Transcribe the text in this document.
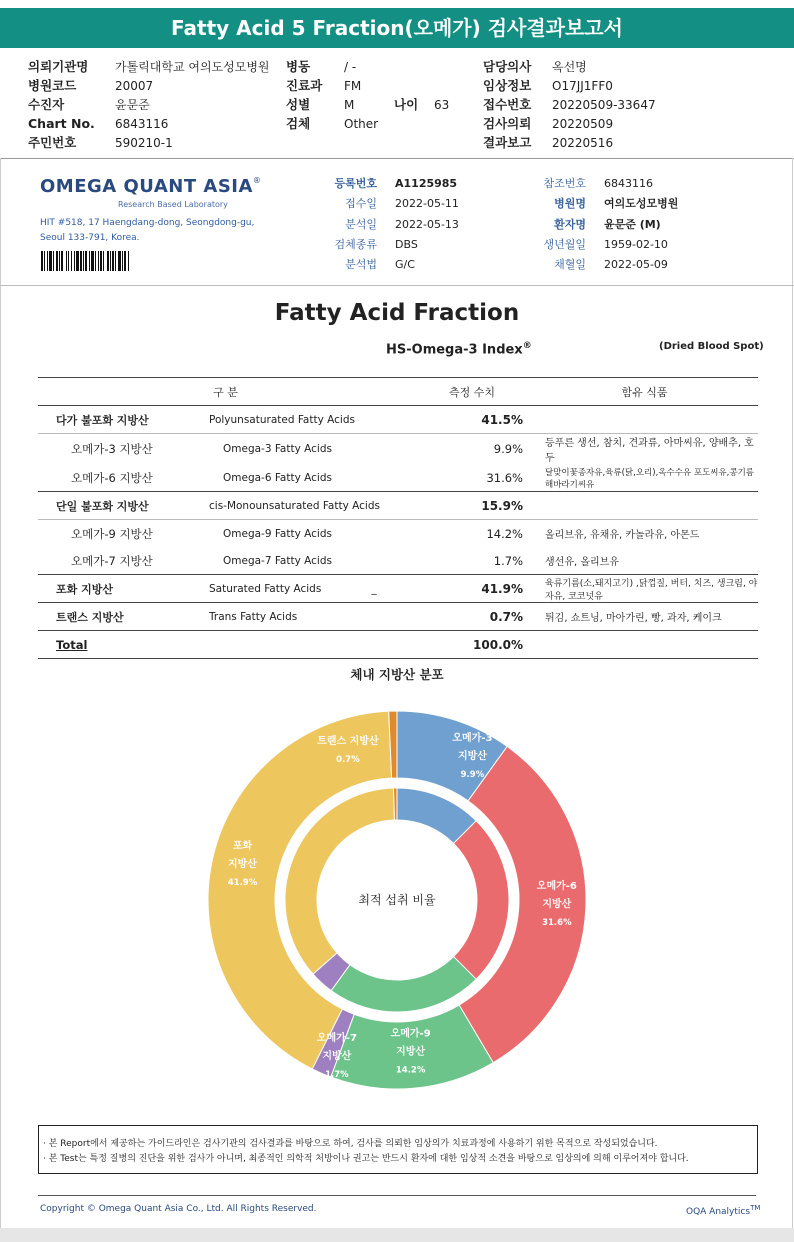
Fatty Acid 5 Fraction(오메가) 검사결과보고서
의뢰기관명 가톨릭대학교 여의도성모병원
병원코드	20007
수진자	윤문준
Chart No. 6843116
주민번호	590210-1
병동	/ -
진료과 FM
성별	M	나이 63
검체	Other
담당의사 옥선명
임상정보 O17JJ1FF0
접수번호 20220509-33647
검사의뢰 20220509
결과보고 20220516
OMEGA QUANT ASIA®
Research Based Laboratory
HIT #518, 17 Haengdang-dong, Seongdong-gu,
Seoul 133-791, Korea.
등록번호 A1125985
접수일 2022-05-11
분석일 2022-05-13
검체종류 DBS
분석법 G/C
참조번호 6843116
병원명 여의도성모병원
환자명 윤문준 (M)
생년월일 1959-02-10
채혈일 2022-05-09
Fatty Acid Fraction
HS-Omega-3 Index®	(Dried Blood Spot)
구 분		측정 수치	함유 식품
다가 불포화 지방산	Polyunsaturated Fatty Acids	41.5%	
오메가-3 지방산	Omega-3 Fatty Acids	9.9%	등푸른 생선, 참치, 견과류, 아마씨유, 양배추, 호두
오메가-6 지방산	Omega-6 Fatty Acids	31.6%	달맞이꽃종자유,육류(닭,오리),옥수수유 포도씨유,콩기름 해바라기씨유
단일 불포화 지방산	cis-Monounsaturated Fatty Acids	15.9%	
오메가-9 지방산	Omega-9 Fatty Acids	14.2%	올리브유, 유채유, 카놀라유, 아몬드
오메가-7 지방산	Omega-7 Fatty Acids	1.7%	생선유, 올리브유
포화 지방산	Saturated Fatty Acids _	41.9%	육류기름(소,돼지고기) ,닭껍질, 버터, 치즈, 생크림, 야자유, 코코넛유
트랜스 지방산	Trans Fatty Acids	0.7%	튀김, 쇼트닝, 마아가린, 빵, 과자, 케이크
Total		100.0%	
체내 지방산 분포
최적 섭취 비율
오메가-3
지방산
9.9%
오메가-6
지방산
31.6%
오메가-9
지방산
14.2%
오메가-7
지방산
1.7%
포화
지방산
41.9%
트랜스 지방산
0.7%
· 본 Report에서 제공하는 가이드라인은 검사기관의 검사결과를 바탕으로 하여, 검사를 의뢰한 임상의가 치료과정에 사용하기 위한 목적으로 작성되었습니다.
· 본 Test는 특정 질병의 진단을 위한 검사가 아니며, 최종적인 의학적 처방이나 권고는 반드시 환자에 대한 임상적 소견을 바탕으로 임상의에 의해 이루어져야 합니다.
Copyright © Omega Quant Asia Co., Ltd. All Rights Reserved.	OQA Analytics™
